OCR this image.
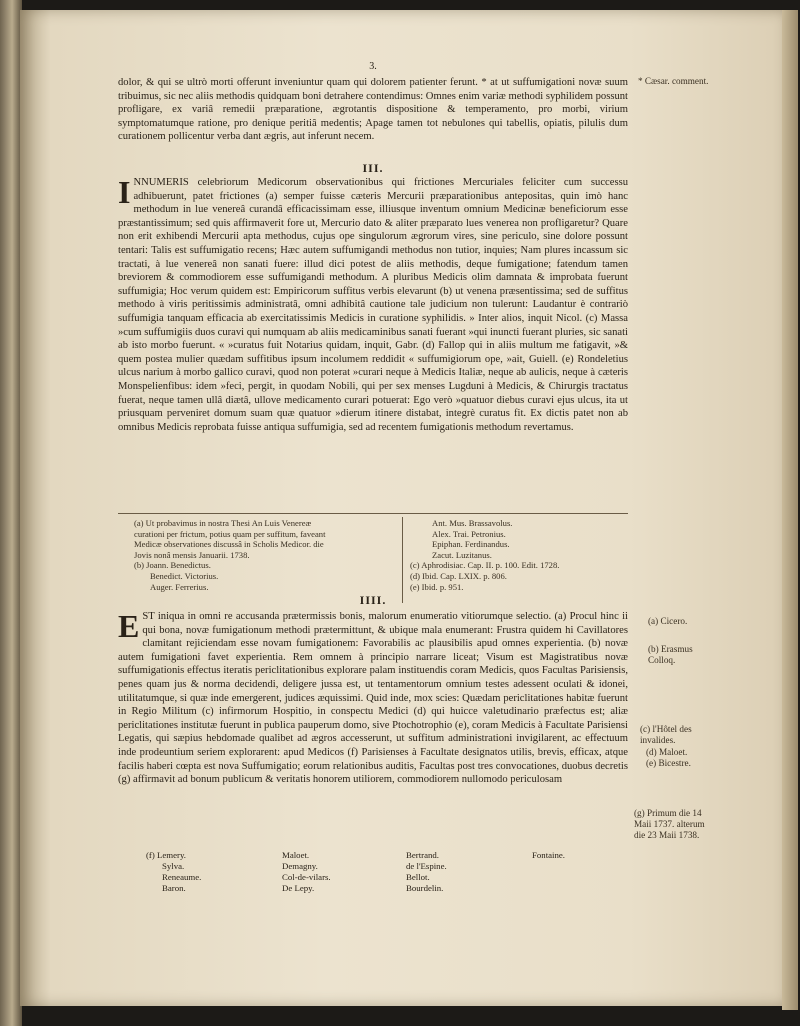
3.

dolor, & qui se ultrò morti offerunt inveniuntur quam qui dolorem patienter ferunt. * at ut suffumigationi novæ suum tribuimus, sic nec aliis methodis quidquam boni detrahere contendimus: Omnes enim variæ methodi syphilidem possunt profligare, ex variâ remedii præparatione, ægrotantis dispositione & temperamento, pro morbi, virium symptomatumque ratione, pro denique peritiâ medentis; Apage tamen tot nebulones qui tabellis, opiatis, pilulis dum curationem pollicentur verba dant ægris, aut inferunt necem.

III.
I NNUMERIS celebriorum Medicorum observationibus qui frictiones Mercuriales feliciter cum successu adhibuerunt, patet frictiones (a) semper fuisse cæteris Mercurii præparationibus antepositas, quin imò hanc methodum in lue venereâ curandâ efficacissimam esse, illiusque inventum omnium Medicinæ beneficiorum esse præstantissimum; sed quis affirmaverit fore ut, Mercurio dato & aliter præparato lues venerea non profligaretur? Quare non erit exhibendi Mercurii apta methodus, cujus ope singulorum ægrorum vires, sine periculo, sine dolore possunt tentari: Talis est suffumigatio recens; Hæc autem suffumigandi methodus non tutior, inquies; Nam plures incassum sic tractati, à lue venereâ non sanati fuere: illud dici potest de aliis methodis, deque fumigatione; fatendum tamen breviorem & commodiorem esse suffumigandi methodum. A pluribus Medicis olim damnata & improbata fuerunt suffumigia; Hoc verum quidem est: Empiricorum suffitus verbis elevarunt (b) ut venena præsentissima; sed de suffitus methodo à viris peritissimis administratâ, omni adhibitâ cautione tale judicium non tulerunt: Laudantur è contrariò suffumigia tanquam efficacia ab exercitatissimis Medicis in curatione syphilidis. » Inter alios, inquit Nicol. (c) Massa »cum suffumigiis duos curavi qui numquam ab aliis medicaminibus sanati fuerant »qui inuncti fuerant pluries, sic sanati ab isto morbo fuerunt. « »curatus fuit Notarius quidam, inquit, Gabr. (d) Fallop qui in aliis multum me fatigavit, »& quem postea mulier quædam suffitibus ipsum incolumem reddidit « suffumigiorum ope, »ait, Guiell. (e) Rondeletius ulcus narium à morbo gallico curavi, quod non poterat »curari neque à Medicis Italiæ, neque ab aulicis, neque à cæteris Monspelienfibus: idem »feci, pergit, in quodam Nobili, qui per sex menses Lugduni à Medicis, & Chirurgis tractatus fuerat, neque tamen ullâ diætâ, ullove medicamento curari potuerat: Ego verò »quatuor diebus curavi ejus ulcus, ita ut priusquam perveniret domum suam quæ quatuor »dierum itinere distabat, integrè curatus fit. Ex dictis patet non ab omnibus Medicis reprobata fuisse antiqua suffumigia, sed ad recentem fumigationis methodum revertamus.

(a) Ut probavimus in nostra Thesi An Luis Venereæ
curationi per frictum, potius quam per suffitum, faveant
Medicæ observationes discussâ in Scholis Medicor. die
Jovis nonâ mensis Januarii. 1738.
(b) Joann. Benedictus.
Benedict. Victorius.
Auger. Ferrerius.
Ant. Mus. Brassavolus.
Alex. Trai. Petronius.
Epiphan. Ferdinandus.
Zacut. Luzitanus.
(c) Aphrodisiac. Cap. II. p. 100. Edit. 1728.
(d) Ibid. Cap. LXIX. p. 806.
(e) Ibid. p. 951.
IIII.
E ST iniqua in omni re accusanda prætermissis bonis, malorum enumeratio vitiorumque selectio. (a) Procul hinc ii qui bona, novæ fumigationum methodi prætermittunt, & ubique mala enumerant: Frustra quidem hi Cavillatores clamitant rejiciendam esse novam fumigationem: Favorabilis ac plausibilis apud omnes experientia. (b) novæ autem fumigationi favet experientia. Rem omnem à principio narrare liceat; Visum est Magistratibus novæ suffumigationis effectus iteratis periclitationibus explorare palam instituendis coram Medicis, quos Facultas Parisiensis, penes quam jus & norma decidendi, deligere jussa est, ut tentamentorum omnium testes adessent oculati & idonei, utilitatumque, si quæ inde emergerent, judices æquissimi. Quid inde, mox scies: Quædam periclitationes habitæ fuerunt in Regio Militum (c) infirmorum Hospitio, in conspectu Medici (d) qui huicce valetudinario præfectus est; aliæ periclitationes institutæ fuerunt in publica pauperum domo, sive Ptochotrophio (e), coram Medicis à Facultate Parisiensi Legatis, qui sæpius hebdomade qualibet ad ægros accesserunt, ut suffitum administrationi invigilarent, ac effectuum inde prodeuntium seriem explorarent: apud Medicos (f) Parisienses à Facultate designatos utilis, brevis, efficax, atque facilis haberi cœpta est nova Suffumigatio; eorum relationibus auditis, Facultas post tres convocationes, duobus decretis (g) affirmavit ad bonum publicum & veritatis honorem utiliorem, commodiorem nullomodo periculosam

(f) Lemery.
Sylva.
Reneaume.
Baron.
Maloet.
Demagny.
Col-de-vilars.
De Lepy.
Bertrand.
de l'Espine.
Bellot.
Bourdelin.
Fontaine.
* Cæsar. comment.
(a) Cicero.
(b) Erasmus Colloq.
(c) l'Hôtel des invalides.
(d) Maloet.
(e) Bicestre.
(g) Primum die 14 Maii 1737. alterum die 23 Maii 1738.
